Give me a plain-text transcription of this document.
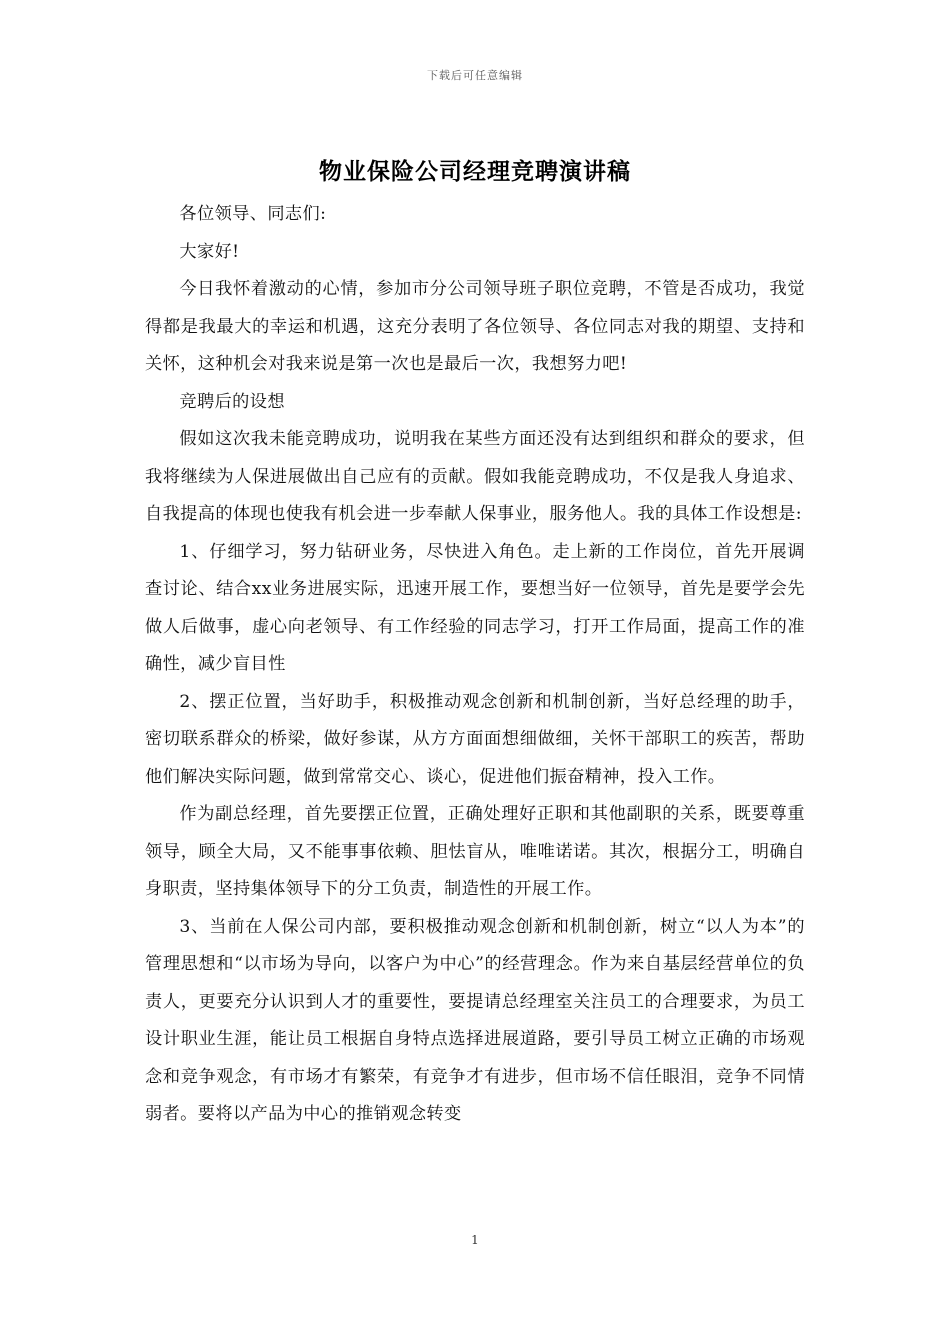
下载后可任意编辑
物业保险公司经理竞聘演讲稿

各位领导、同志们:

大家好!

今日我怀着激动的心情，参加市分公司领导班子职位竞聘，不管是否成功，我觉得都是我最大的幸运和机遇，这充分表明了各位领导、各位同志对我的期望、支持和关怀，这种机会对我来说是第一次也是最后一次，我想努力吧!

竞聘后的设想

假如这次我未能竞聘成功，说明我在某些方面还没有达到组织和群众的要求，但我将继续为人保进展做出自己应有的贡献。假如我能竞聘成功，不仅是我人身追求、自我提高的体现也使我有机会进一步奉献人保事业，服务他人。我的具体工作设想是:

1、仔细学习，努力钻研业务，尽快进入角色。走上新的工作岗位，首先开展调查讨论、结合xx业务进展实际，迅速开展工作，要想当好一位领导，首先是要学会先做人后做事，虚心向老领导、有工作经验的同志学习，打开工作局面，提高工作的准确性，减少盲目性

2、摆正位置，当好助手，积极推动观念创新和机制创新，当好总经理的助手，密切联系群众的桥梁，做好参谋，从方方面面想细做细，关怀干部职工的疾苦，帮助他们解决实际问题，做到常常交心、谈心，促进他们振奋精神，投入工作。

作为副总经理，首先要摆正位置，正确处理好正职和其他副职的关系，既要尊重领导，顾全大局，又不能事事依赖、胆怯盲从，唯唯诺诺。其次，根据分工，明确自身职责，坚持集体领导下的分工负责，制造性的开展工作。

3、当前在人保公司内部，要积极推动观念创新和机制创新，树立“以人为本”的管理思想和“以市场为导向，以客户为中心”的经营理念。作为来自基层经营单位的负责人，更要充分认识到人才的重要性，要提请总经理室关注员工的合理要求，为员工设计职业生涯，能让员工根据自身特点选择进展道路，要引导员工树立正确的市场观念和竞争观念，有市场才有繁荣，有竞争才有进步，但市场不信任眼泪，竞争不同情弱者。要将以产品为中心的推销观念转变

1
